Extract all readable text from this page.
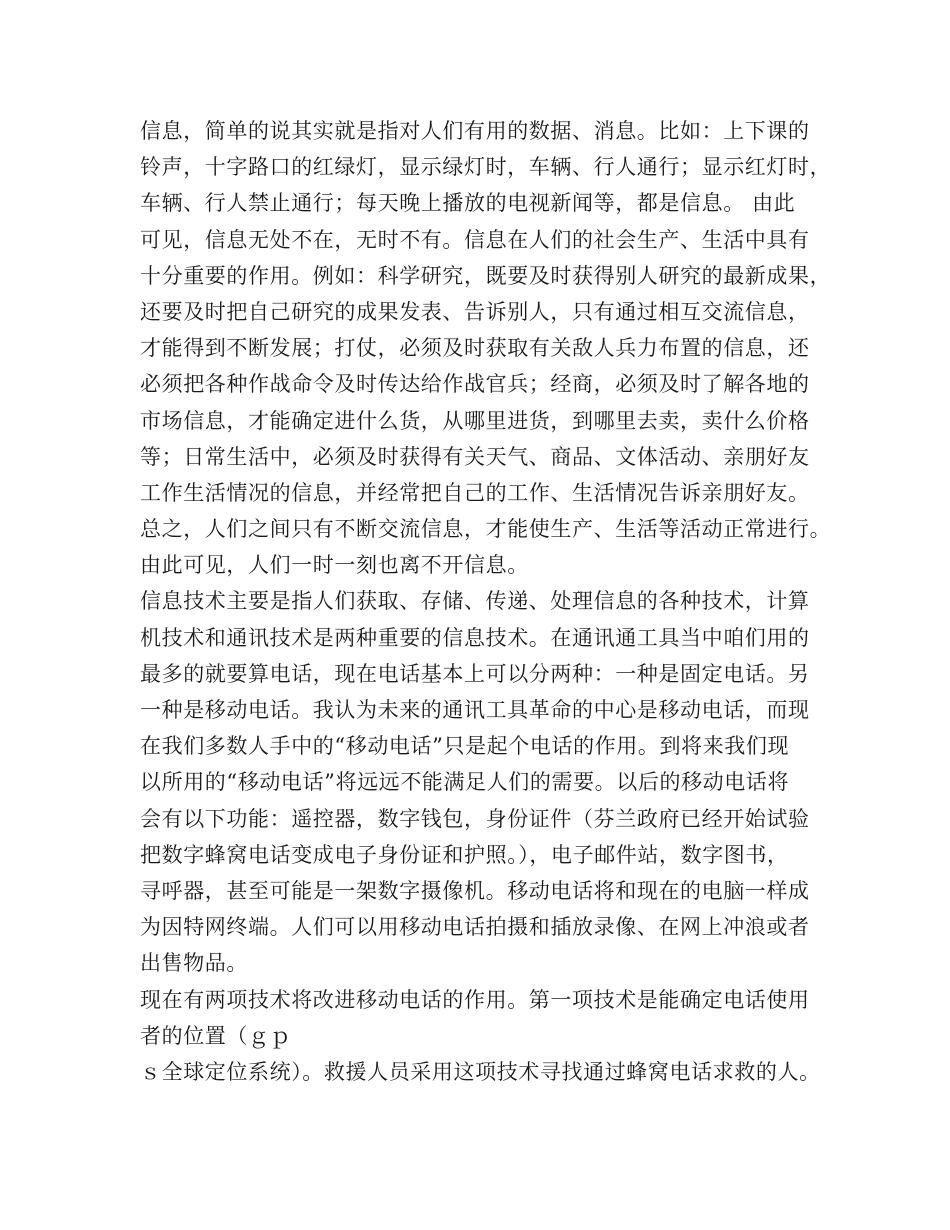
信息，简单的说其实就是指对人们有用的数据、消息。比如：上下课的
铃声，十字路口的红绿灯，显示绿灯时，车辆、行人通行；显示红灯时，
车辆、行人禁止通行；每天晚上播放的电视新闻等，都是信息。 由此
可见，信息无处不在，无时不有。信息在人们的社会生产、生活中具有
十分重要的作用。例如：科学研究，既要及时获得别人研究的最新成果，
还要及时把自己研究的成果发表、告诉别人，只有通过相互交流信息，
才能得到不断发展；打仗，必须及时获取有关敌人兵力布置的信息，还
必须把各种作战命令及时传达给作战官兵；经商，必须及时了解各地的
市场信息，才能确定进什么货，从哪里进货，到哪里去卖，卖什么价格
等；日常生活中，必须及时获得有关天气、商品、文体活动、亲朋好友
工作生活情况的信息，并经常把自己的工作、生活情况告诉亲朋好友。
总之，人们之间只有不断交流信息，才能使生产、生活等活动正常进行。
由此可见，人们一时一刻也离不开信息。
信息技术主要是指人们获取、存储、传递、处理信息的各种技术，计算
机技术和通讯技术是两种重要的信息技术。在通讯通工具当中咱们用的
最多的就要算电话，现在电话基本上可以分两种：一种是固定电话。另
一种是移动电话。我认为未来的通讯工具革命的中心是移动电话，而现
在我们多数人手中的“移动电话”只是起个电话的作用。到将来我们现
以所用的“移动电话”将远远不能满足人们的需要。以后的移动电话将
会有以下功能：遥控器，数字钱包，身份证件（芬兰政府已经开始试验
把数字蜂窝电话变成电子身份证和护照。），电子邮件站，数字图书，
寻呼器，甚至可能是一架数字摄像机。移动电话将和现在的电脑一样成
为因特网终端。人们可以用移动电话拍摄和插放录像、在网上冲浪或者
出售物品。
现在有两项技术将改进移动电话的作用。第一项技术是能确定电话使用
者的位置（ｇｐ
ｓ全球定位系统）。救援人员采用这项技术寻找通过蜂窝电话求救的人。
